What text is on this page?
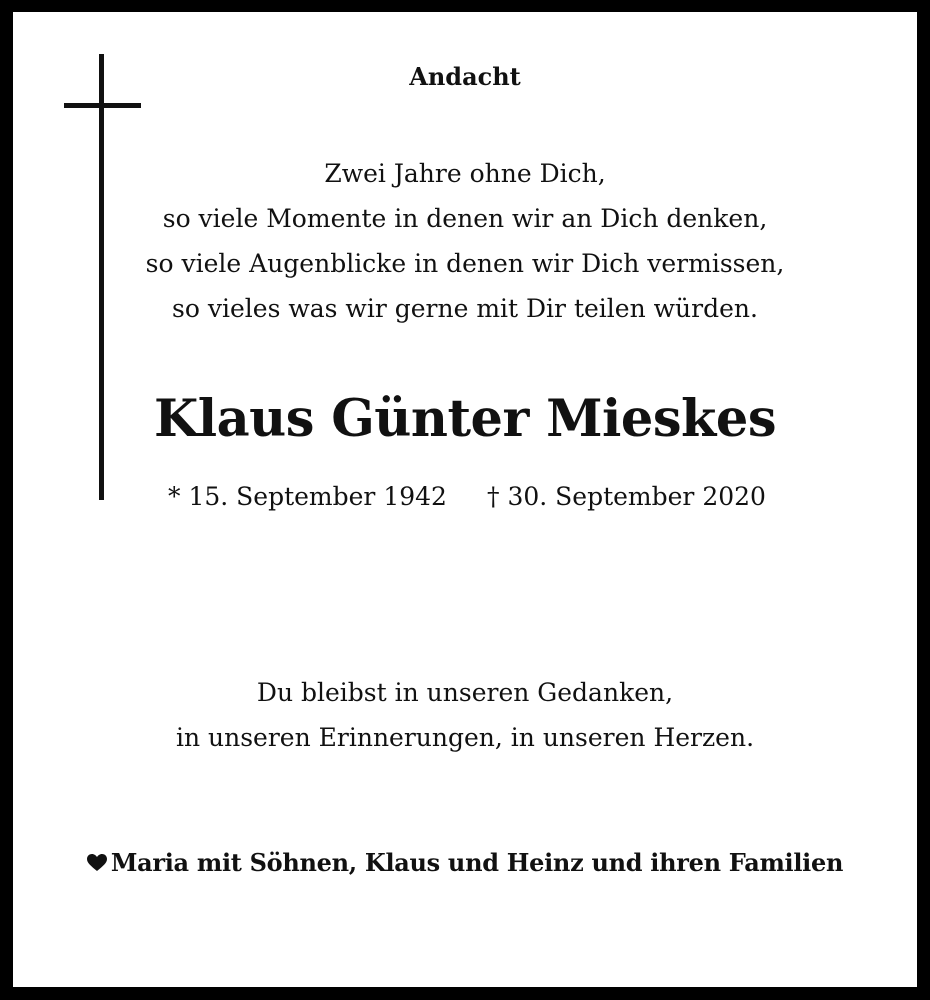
Andacht
Zwei Jahre ohne Dich,
so viele Momente in denen wir an Dich denken,
so viele Augenblicke in denen wir Dich vermissen,
so vieles was wir gerne mit Dir teilen würden.
Klaus Günter Mieskes
* 15. September 1942 † 30. September 2020
Du bleibst in unseren Gedanken,
in unseren Erinnerungen, in unseren Herzen.
Maria mit Söhnen, Klaus und Heinz und ihren Familien
